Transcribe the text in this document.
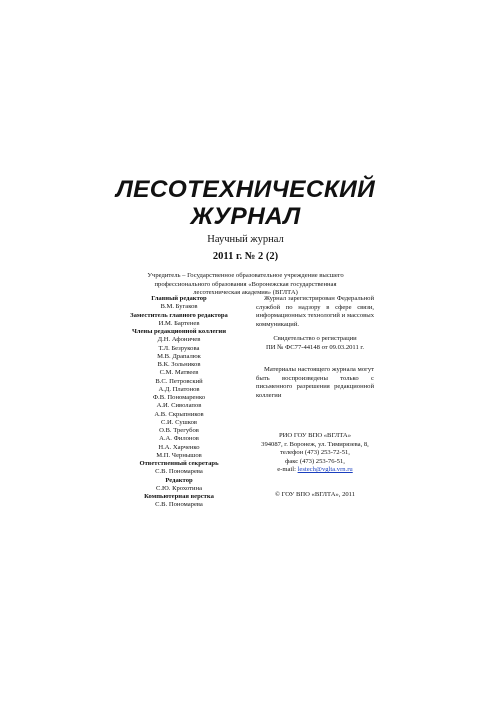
ЛЕСОТЕХНИЧЕСКИЙ
ЖУРНАЛ
Научный журнал
2011 г. № 2 (2)
Учредитель – Государственное образовательное учреждение высшего
профессионального образования «Воронежская государственная
лесотехническая академия» (ВГЛТА)
Главный редактор
В.М. Бугаков
Заместитель главного редактора
И.М. Бартенев
Члены редакционной коллегии
Д.Н. Афоничев
Т.Л. Безрукова
М.В. Драпалюк
В.К. Зольников
С.М. Матвеев
В.С. Петровский
А.Д. Платонов
Ф.В. Пономаренко
А.И. Сиволапов
А.В. Скрыпников
С.И. Сушков
О.В. Трегубов
А.А. Филонов
Н.А. Харченко
М.П. Чернышов
Ответственный секретарь
С.В. Пономарева
Редактор
С.Ю. Крохотина
Компьютерная верстка
С.В. Пономарева
Журнал зарегистрирован Федеральной службой по надзору в сфере связи, информационных технологий и массовых коммуникаций.
Свидетельство о регистрации
ПИ № ФС77-44148 от 09.03.2011 г.
Материалы настоящего журнала могут быть воспроизведены только с письменного разрешения редакционной коллегии
РИО ГОУ ВПО «ВГЛТА»
394087, г. Воронеж, ул. Тимирязева, 8,
телефон (473) 253-72-51,
факс (473) 253-76-51,
e-mail: lestech@vglta.vrn.ru
© ГОУ ВПО «ВГЛТА», 2011
